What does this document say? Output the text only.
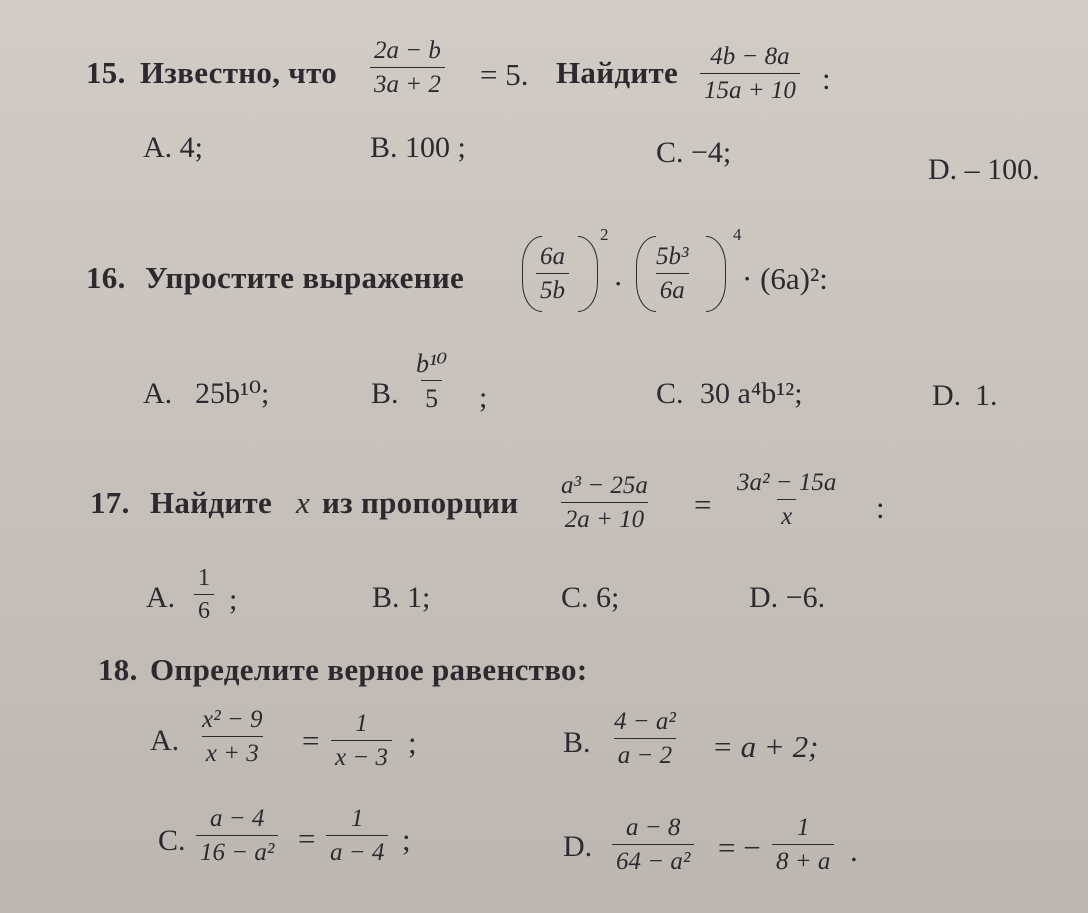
15. Известно, что $\frac{2a - b}{3a + 2} = 5$. Найдите $\frac{4b - 8a}{15a + 10}$ :
A. 4;	B. 100 ;	C. −4;
D. – 100.
16. Упростите выражение	$\frac{6a}{5b}$
2
· $\frac{\text{5b³}}{6a}$
4
· (6a)²:
A. 25b¹⁰;	B. $\frac{\text{b¹⁰}}{5}$ ;	C. 30 a⁴b¹²;	D. 1.
17. Найдите x из пропорции $\frac{\text{a³ − 25a}}{2a + 10} = \frac{\text{3a² − 15a}}{x}$ :
A. $\frac{1}{6}$ ;	B. 1;	C. 6;	D. −6.
18. Определите верное равенство:
A. $\frac{\text{x² − 9}}{x + 3} = \frac{1}{x - 3}$ ;	B. $\frac{\text{4 − a²}}{a - 2} = a + 2$;
C. $\frac{a - 4}{\text{16 − a²}} = \frac{1}{a - 4}$ ;	D. $\frac{a - 8}{\text{64 − a²}}$ = − $\frac{1}{8 + a}$ .
